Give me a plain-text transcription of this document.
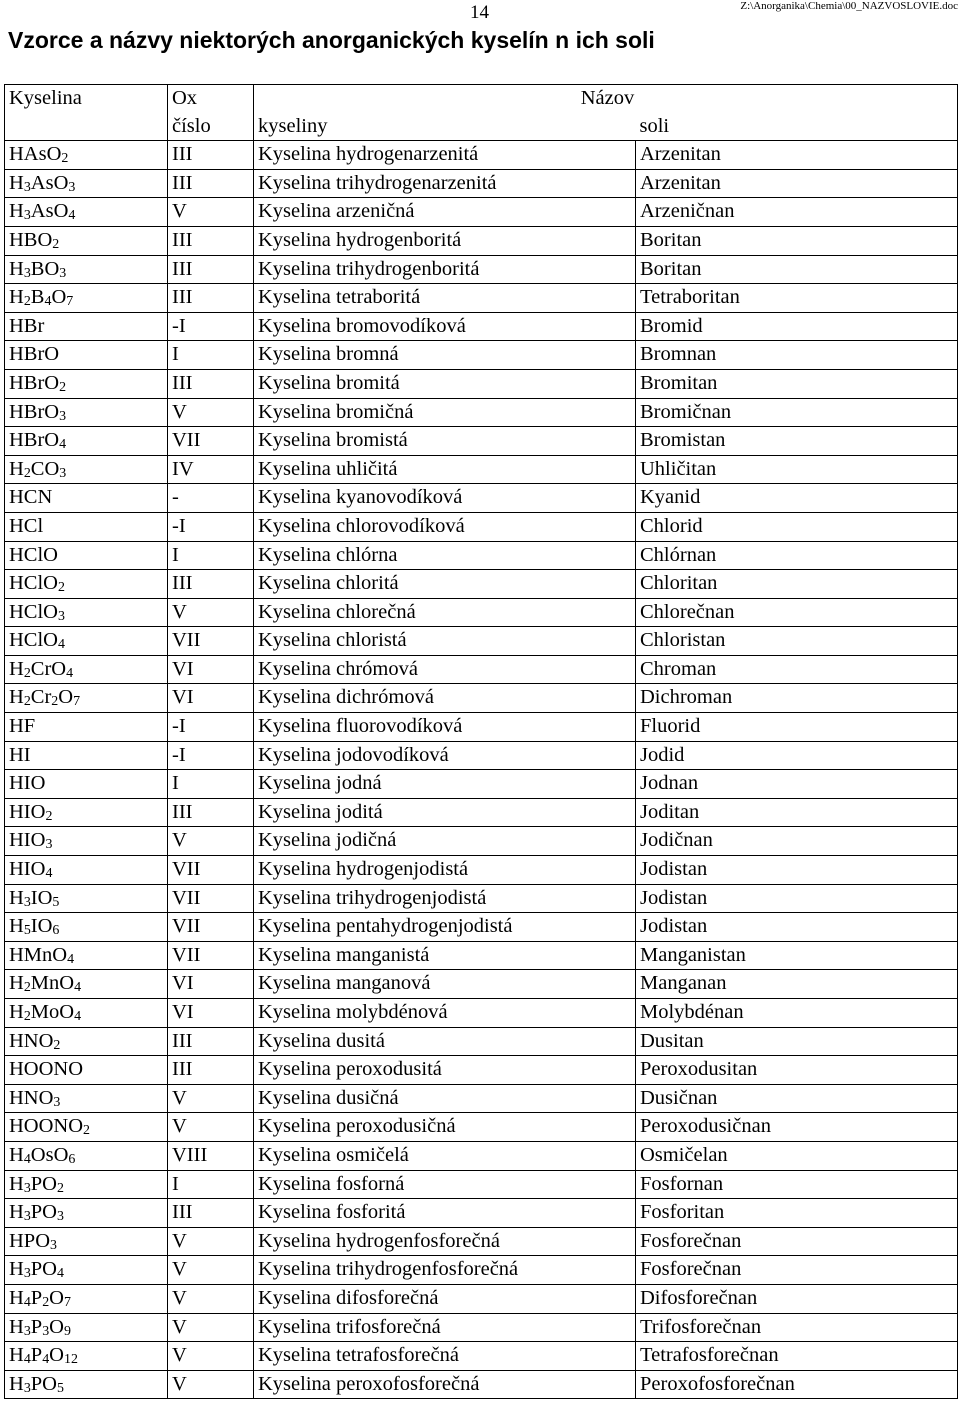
14	Z:\Anorganika\Chemia\00_NAZVOSLOVIE.doc
Vzorce a názvy niektorých anorganických kyselín n ich soli
Kyselina	Ox	Názov	
	číslo	kyseliny	soli
HAsO$_2$	III	Kyselina hydrogenarzenitá	Arzenitan
$H_3AsO_3$	III	Kyselina trihydrogenarzenitá	Arzenitan
$H_3AsO_4$	V	Kyselina arzeničná	Arzeničnan
$HBO_2$	III	Kyselina hydrogenboritá	Boritan
$H_3BO_3$	III	Kyselina trihydrogenboritá	Boritan
$H_2B_4O_7$	III	Kyselina tetraboritá	Tetraboritan
HBr	-I	Kyselina bromovodíková	Bromid
HBrO	I	Kyselina bromná	Bromnan
HBrO$_2$	III	Kyselina bromitá	Bromitan
HBrO$_3$	V	Kyselina bromičná	Bromičnan
HBrO$_4$	VII	Kyselina bromistá	Bromistan
$H_2CO_3$	IV	Kyselina uhličitá	Uhličitan
HCN	-	Kyselina kyanovodíková	Kyanid
HCl	-I	Kyselina chlorovodíková	Chlorid
HClO	I	Kyselina chlórna	Chlórnan
HClO$_2$	III	Kyselina chloritá	Chloritan
HClO$_3$	V	Kyselina chlorečná	Chlorečnan
HClO$_4$	VII	Kyselina chloristá	Chloristan
$H_2CrO_4$	VI	Kyselina chrómová	Chroman
$H_2Cr_2O_7$	VI	Kyselina dichrómová	Dichroman
HF	-I	Kyselina fluorovodíková	Fluorid
HI	-I	Kyselina jodovodíková	Jodid
HIO	I	Kyselina jodná	Jodnan
$HIO_2$	III	Kyselina joditá	Joditan
$HIO_3$	V	Kyselina jodičná	Jodičnan
$HIO_4$	VII	Kyselina hydrogenjodistá	Jodistan
$H_3IO_5$	VII	Kyselina trihydrogenjodistá	Jodistan
$H_5IO_6$	VII	Kyselina pentahydrogenjodistá	Jodistan
HMnO$_4$	VII	Kyselina manganistá	Manganistan
$H_2MnO_4$	VI	Kyselina manganová	Manganan
$H_2MoO_4$	VI	Kyselina molybdénová	Molybdénan
$HNO_2$	III	Kyselina dusitá	Dusitan
HOONO	III	Kyselina peroxodusitá	Peroxodusitan
$HNO_3$	V	Kyselina dusičná	Dusičnan
$HOONO_2$	V	Kyselina peroxodusičná	Peroxodusičnan
$H_4OsO_6$	VIII	Kyselina osmičelá	Osmičelan
$H_3PO_2$	I	Kyselina fosforná	Fosfornan
$H_3PO_3$	III	Kyselina fosforitá	Fosforitan
$HPO_3$	V	Kyselina hydrogenfosforečná	Fosforečnan
$H_3PO_4$	V	Kyselina trihydrogenfosforečná	Fosforečnan
$H_4P_2O_7$	V	Kyselina difosforečná	Difosforečnan
$H_3P_3O_9$	V	Kyselina trifosforečná	Trifosforečnan
$H_4P_4O_{12}$	V	Kyselina tetrafosforečná	Tetrafosforečnan
$H_3PO_5$	V	Kyselina peroxofosforečná	Peroxofosforečnan
